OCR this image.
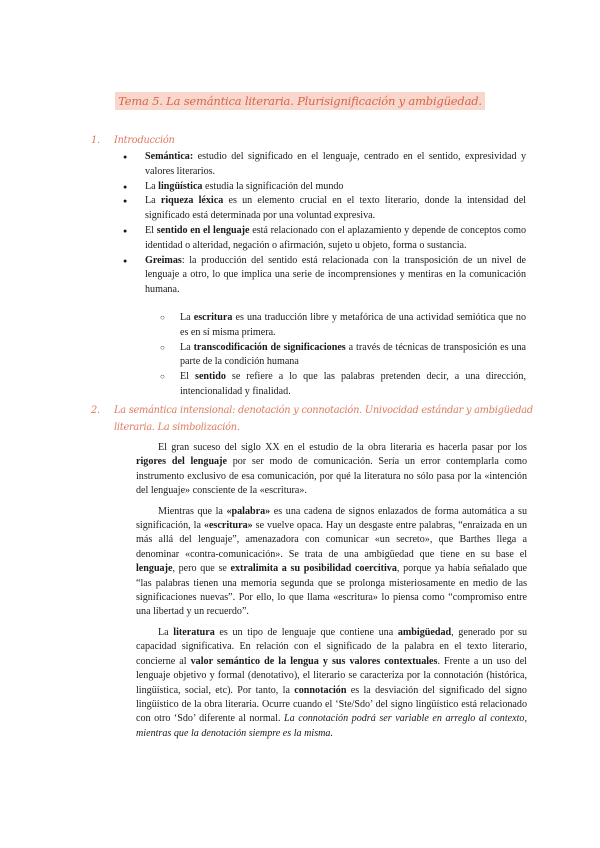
Tema 5. La semántica literaria. Plurisignificación y ambigüedad.
1. Introducción
● Semántica: estudio del significado en el lenguaje, centrado en el sentido, expresividad y valores literarios.
● La lingüística estudia la significación del mundo
● La riqueza léxica es un elemento crucial en el texto literario, donde la intensidad del significado está determinada por una voluntad expresiva.
● El sentido en el lenguaje está relacionado con el aplazamiento y depende de conceptos como identidad o alteridad, negación o afirmación, sujeto u objeto, forma o sustancia.
● Greimas: la producción del sentido está relacionada con la transposición de un nivel de lenguaje a otro, lo que implica una serie de incomprensiones y mentiras en la comunicación humana.
○ La escritura es una traducción libre y metafórica de una actividad semiótica que no es en sí misma primera.
○ La transcodificación de significaciones a través de técnicas de transposición es una parte de la condición humana
○ El sentido se refiere a lo que las palabras pretenden decir, a una dirección, intencionalidad y finalidad.
2. La semántica intensional: denotación y connotación. Univocidad estándar y ambigüedad
literaria. La simbolización.

El gran suceso del siglo XX en el estudio de la obra literaria es hacerla pasar por los rigores del lenguaje por ser modo de comunicación. Sería un error contemplarla como instrumento exclusivo de esa comunicación, por qué la literatura no sólo pasa por la «intención del lenguaje» consciente de la «escritura».

Mientras que la «palabra» es una cadena de signos enlazados de forma automática a su significación, la «escritura» se vuelve opaca. Hay un desgaste entre palabras, “enraizada en un más allá del lenguaje”, amenazadora con comunicar «un secreto», que Barthes llega a denominar «contra-comunicación». Se trata de una ambigüedad que tiene en su base el lenguaje, pero que se extralimita a su posibilidad coercitiva, porque ya había señalado que “las palabras tienen una memoria segunda que se prolonga misteriosamente en medio de las significaciones nuevas”. Por ello, lo que llama «escritura» lo piensa como “compromiso entre una libertad y un recuerdo”.

La literatura es un tipo de lenguaje que contiene una ambigüedad, generado por su capacidad significativa. En relación con el significado de la palabra en el texto literario, concierne al valor semántico de la lengua y sus valores contextuales. Frente a un uso del lenguaje objetivo y formal (denotativo), el literario se caracteriza por la connotación (histórica, lingüística, social, etc). Por tanto, la connotación es la desviación del significado del signo lingüístico de la obra literaria. Ocurre cuando el ‘Ste/Sdo’ del signo lingüístico está relacionado con otro ‘Sdo’ diferente al normal. La connotación podrá ser variable en arreglo al contexto, mientras que la denotación siempre es la misma.
